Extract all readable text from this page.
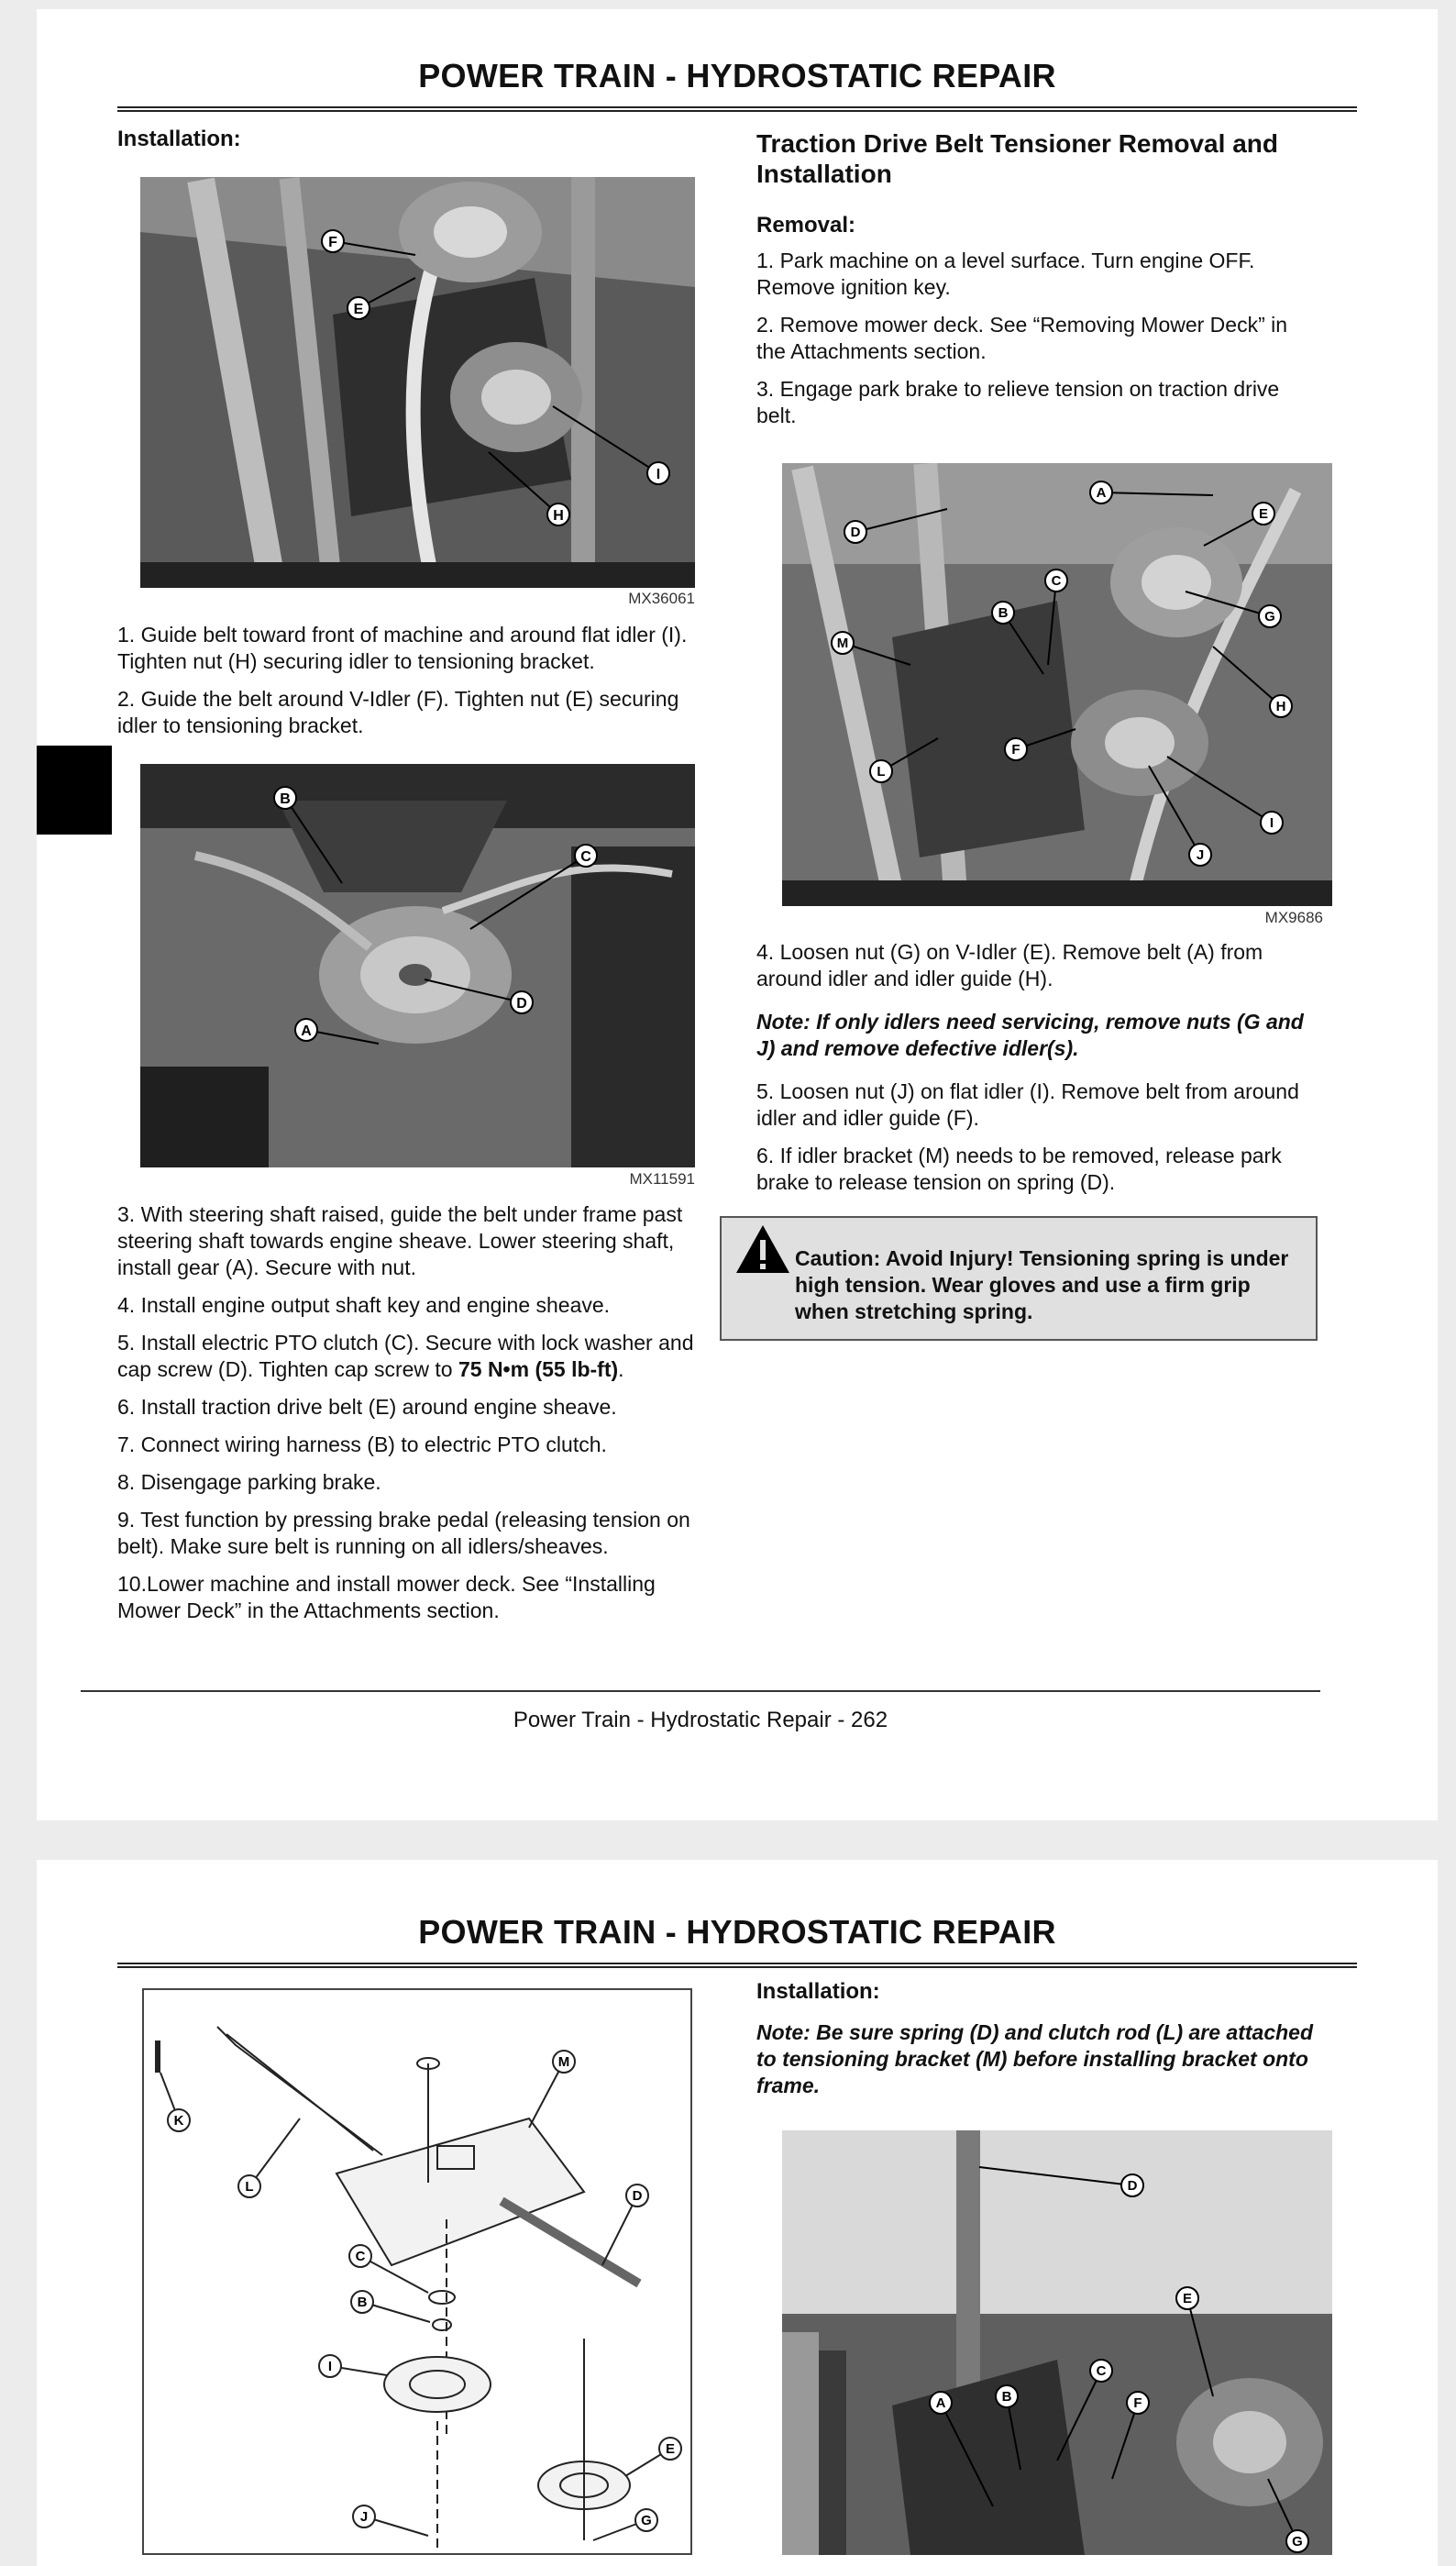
POWER TRAIN - HYDROSTATIC REPAIR
Installation:
F
E
H
I
MX36061

1. Guide belt toward front of machine and around flat idler (I). Tighten nut (H) securing idler to tensioning bracket.

2. Guide the belt around V-Idler (F). Tighten nut (E) securing idler to tensioning bracket.

B
C
D
A
MX11591

3. With steering shaft raised, guide the belt under frame past steering shaft towards engine sheave. Lower steering shaft, install gear (A). Secure with nut.

4. Install engine output shaft key and engine sheave.

5. Install electric PTO clutch (C). Secure with lock washer and cap screw (D). Tighten cap screw to 75 N•m (55 lb-ft).

6. Install traction drive belt (E) around engine sheave.

7. Connect wiring harness (B) to electric PTO clutch.

8. Disengage parking brake.

9. Test function by pressing brake pedal (releasing tension on belt). Make sure belt is running on all idlers/sheaves.

10.Lower machine and install mower deck. See “Installing Mower Deck” in the Attachments section.

Traction Drive Belt Tensioner Removal and Installation
Removal:

1. Park machine on a level surface. Turn engine OFF. Remove ignition key.

2. Remove mower deck. See “Removing Mower Deck” in the Attachments section.

3. Engage park brake to relieve tension on traction drive belt.

A
D
E
C
B	G
M
H
F
L
I
J
MX9686

4. Loosen nut (G) on V-Idler (E). Remove belt (A) from around idler and idler guide (H).

Note: If only idlers need servicing, remove nuts (G and J) and remove defective idler(s).

5. Loosen nut (J) on flat idler (I). Remove belt from around idler and idler guide (F).

6. If idler bracket (M) needs to be removed, release park brake to release tension on spring (D).

Caution: Avoid Injury! Tensioning spring is under high tension. Wear gloves and use a firm grip when stretching spring.
Power Train - Hydrostatic Repair - 262
POWER TRAIN - HYDROSTATIC REPAIR
K
M
L
D
C
B
I
E
J	G
Installation:
Note: Be sure spring (D) and clutch rod (L) are attached to tensioning bracket (M) before installing bracket onto frame.
D
E
C
A	B	F
G
